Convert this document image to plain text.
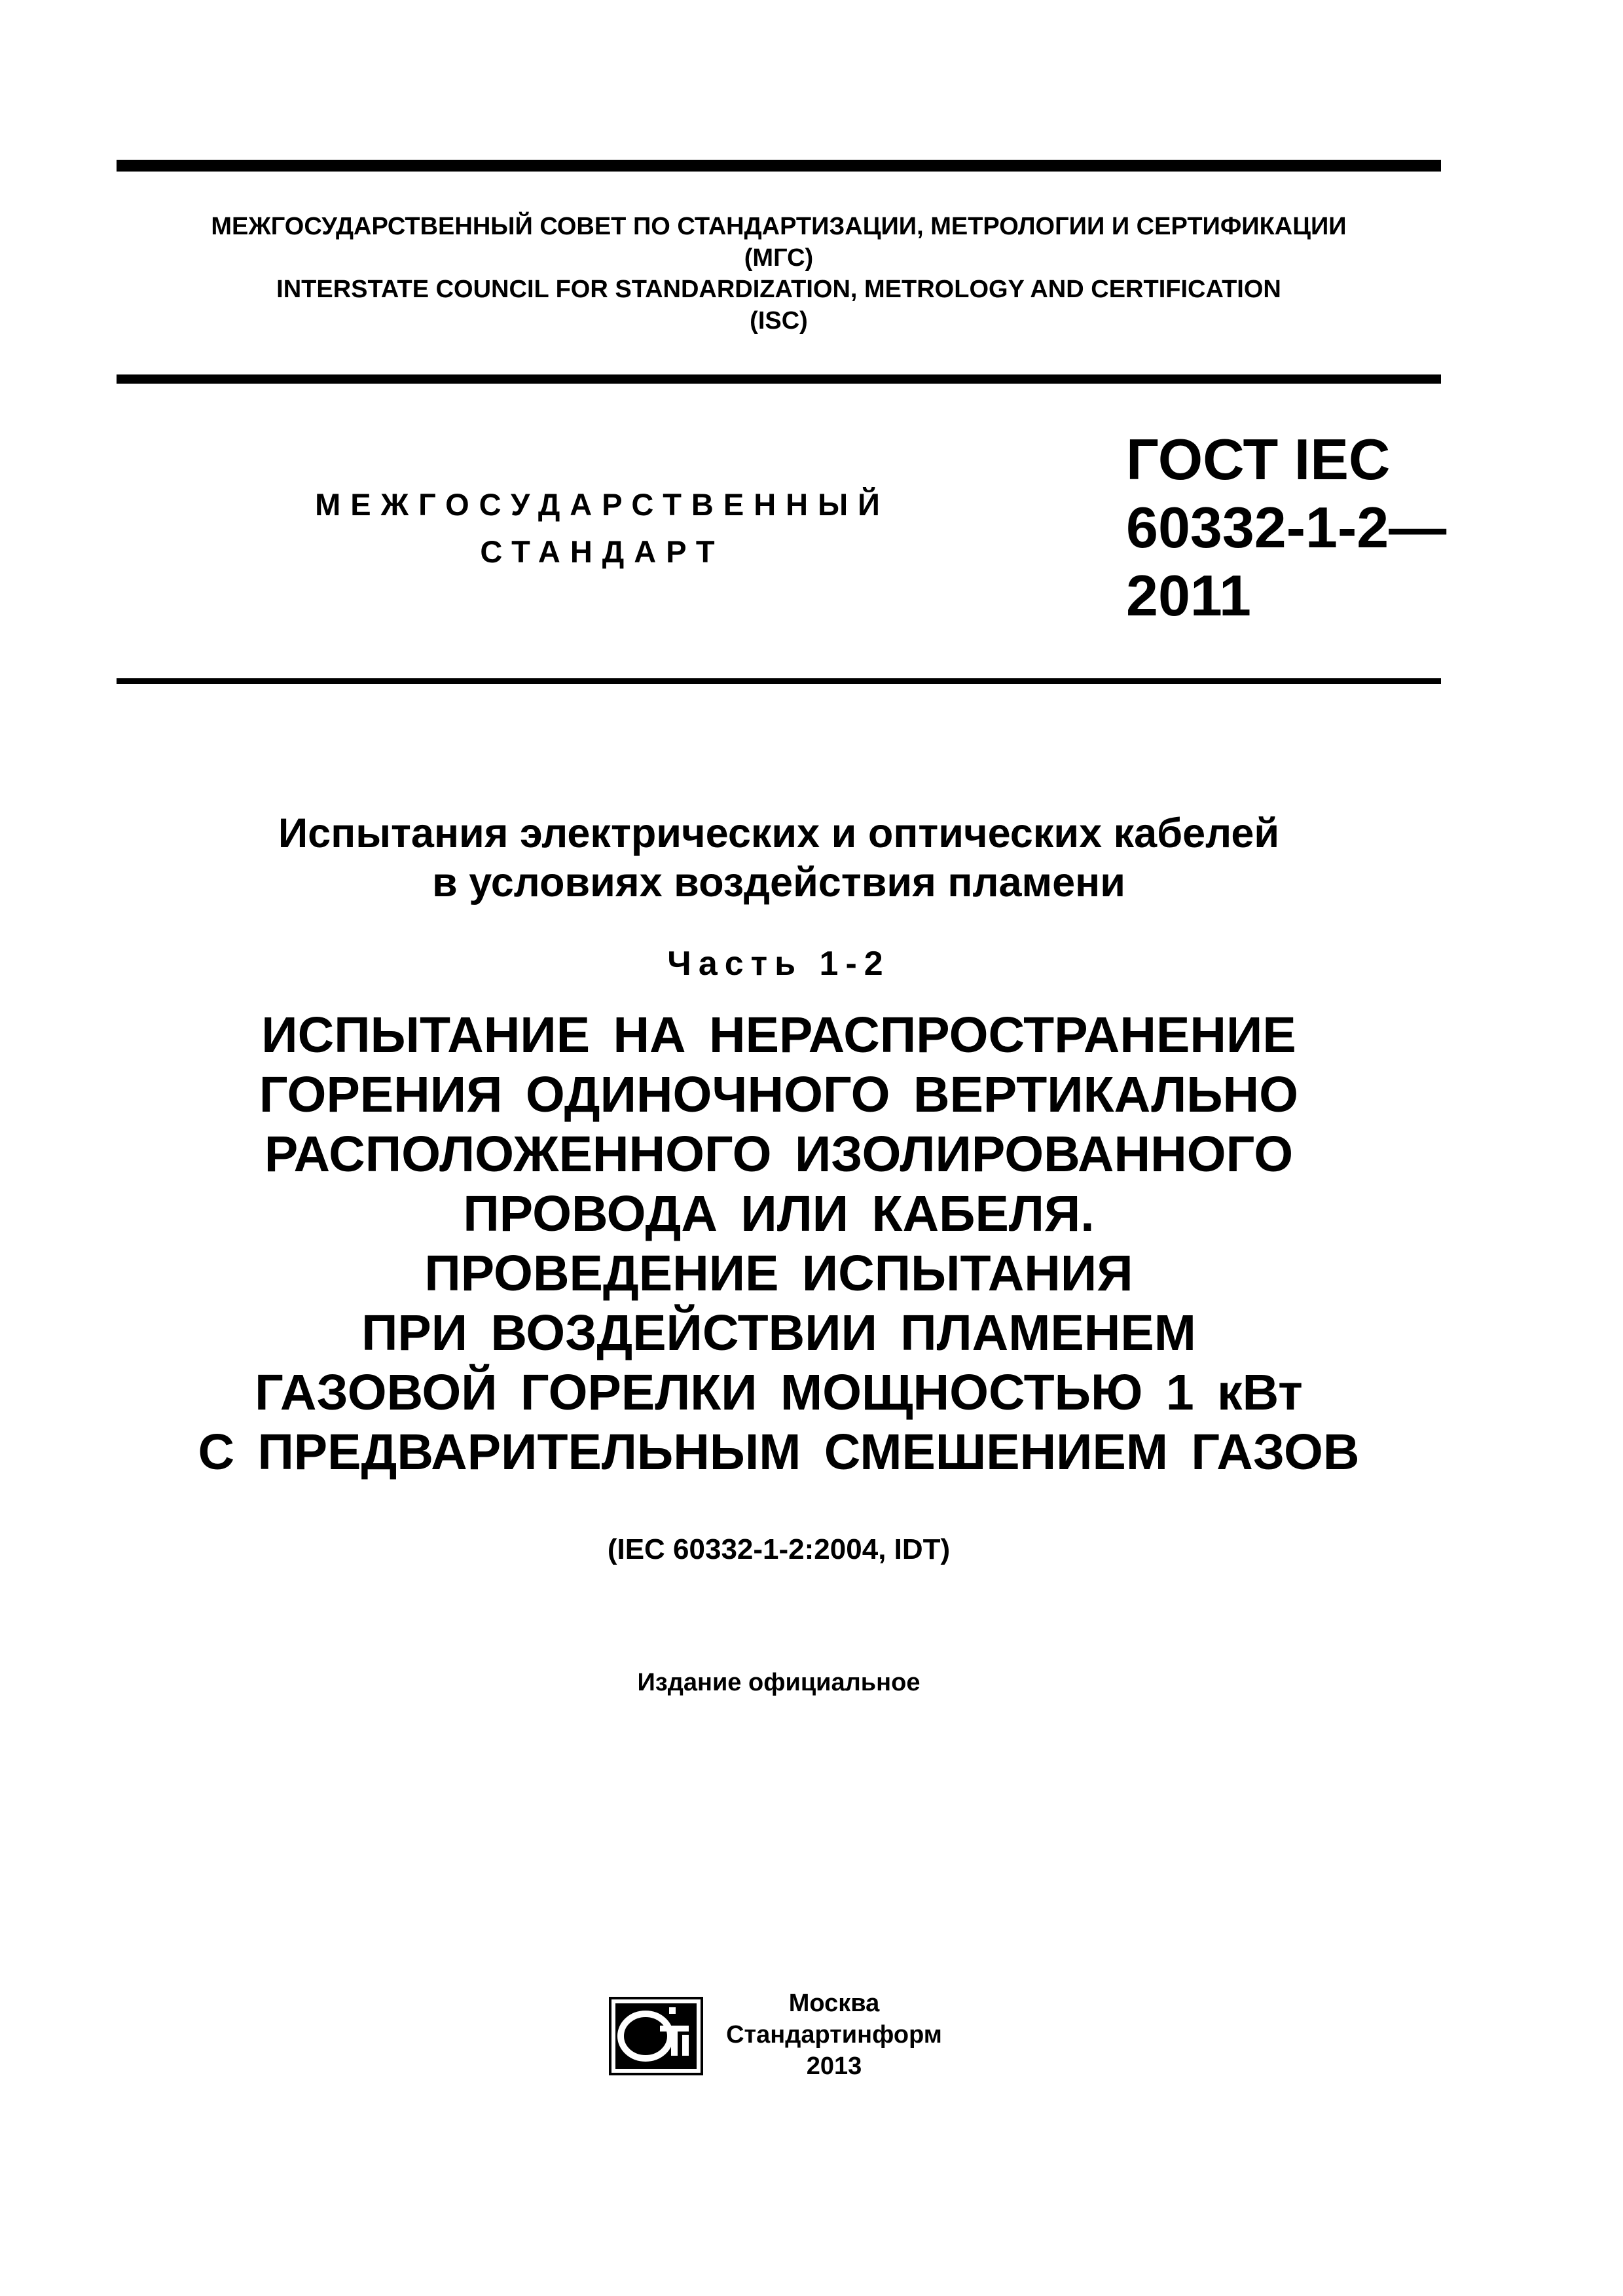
МЕЖГОСУДАРСТВЕННЫЙ СОВЕТ ПО СТАНДАРТИЗАЦИИ, МЕТРОЛОГИИ И СЕРТИФИКАЦИИ
(МГС)
INTERSTATE COUNCIL FOR STANDARDIZATION, METROLOGY AND CERTIFICATION
(ISC)
МЕЖГОСУДАРСТВЕННЫЙ
СТАНДАРТ
ГОСТ IEC
60332-1-2—
2011
Испытания электрических и оптических кабелей
в условиях воздействия пламени
Часть 1-2
ИСПЫТАНИЕ НА НЕРАСПРОСТРАНЕНИЕ
ГОРЕНИЯ ОДИНОЧНОГО ВЕРТИКАЛЬНО
РАСПОЛОЖЕННОГО ИЗОЛИРОВАННОГО
ПРОВОДА ИЛИ КАБЕЛЯ.
ПРОВЕДЕНИЕ ИСПЫТАНИЯ
ПРИ ВОЗДЕЙСТВИИ ПЛАМЕНЕМ
ГАЗОВОЙ ГОРЕЛКИ МОЩНОСТЬЮ 1 кВт
С ПРЕДВАРИТЕЛЬНЫМ СМЕШЕНИЕМ ГАЗОВ
(IEC 60332-1-2:2004, IDT)
Издание официальное
Москва
Стандартинформ
2013
